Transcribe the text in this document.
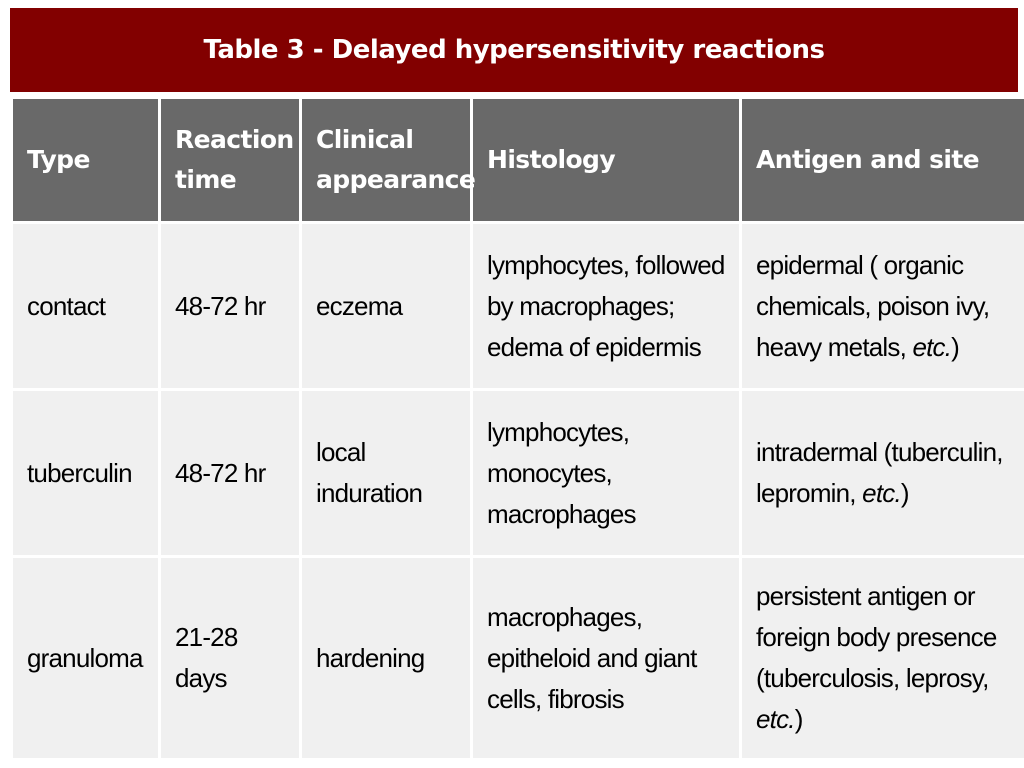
Table 3 - Delayed hypersensitivity reactions
Type	Reaction time	Clinical appearance	Histology	Antigen and site
contact	48-72 hr	eczema	lymphocytes, followed by macrophages; edema of epidermis	epidermal ( organic chemicals, poison ivy, heavy metals, etc.)
tuberculin	48-72 hr	local induration	lymphocytes, monocytes, macrophages	intradermal (tuberculin, lepromin, etc.)
granuloma	21-28 days	hardening	macrophages, epitheloid and giant cells, fibrosis	persistent antigen or foreign body presence (tuberculosis, leprosy, etc.)
